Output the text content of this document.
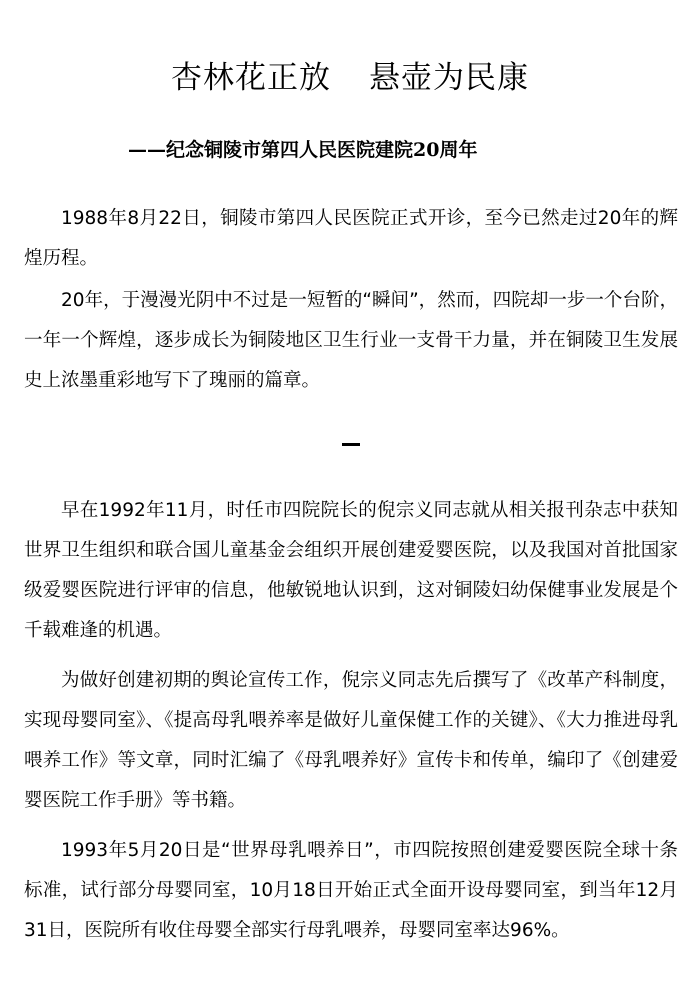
杏林花正放 悬壶为民康
——纪念铜陵市第四人民医院建院20周年

1988年8月22日，铜陵市第四人民医院正式开诊，至今已然走过20年的辉煌历程。

20年，于漫漫光阴中不过是一短暂的“瞬间”，然而，四院却一步一个台阶，一年一个辉煌，逐步成长为铜陵地区卫生行业一支骨干力量，并在铜陵卫生发展史上浓墨重彩地写下了瑰丽的篇章。

早在1992年11月，时任市四院院长的倪宗义同志就从相关报刊杂志中获知世界卫生组织和联合国儿童基金会组织开展创建爱婴医院，以及我国对首批国家级爱婴医院进行评审的信息，他敏锐地认识到，这对铜陵妇幼保健事业发展是个千载难逢的机遇。

为做好创建初期的舆论宣传工作，倪宗义同志先后撰写了《改革产科制度，实现母婴同室》、《提高母乳喂养率是做好儿童保健工作的关键》、《大力推进母乳喂养工作》等文章，同时汇编了《母乳喂养好》宣传卡和传单，编印了《创建爱婴医院工作手册》等书籍。

1993年5月20日是“世界母乳喂养日”，市四院按照创建爱婴医院全球十条标准，试行部分母婴同室，10月18日开始正式全面开设母婴同室，到当年12月31日，医院所有收住母婴全部实行母乳喂养，母婴同室率达96%。
